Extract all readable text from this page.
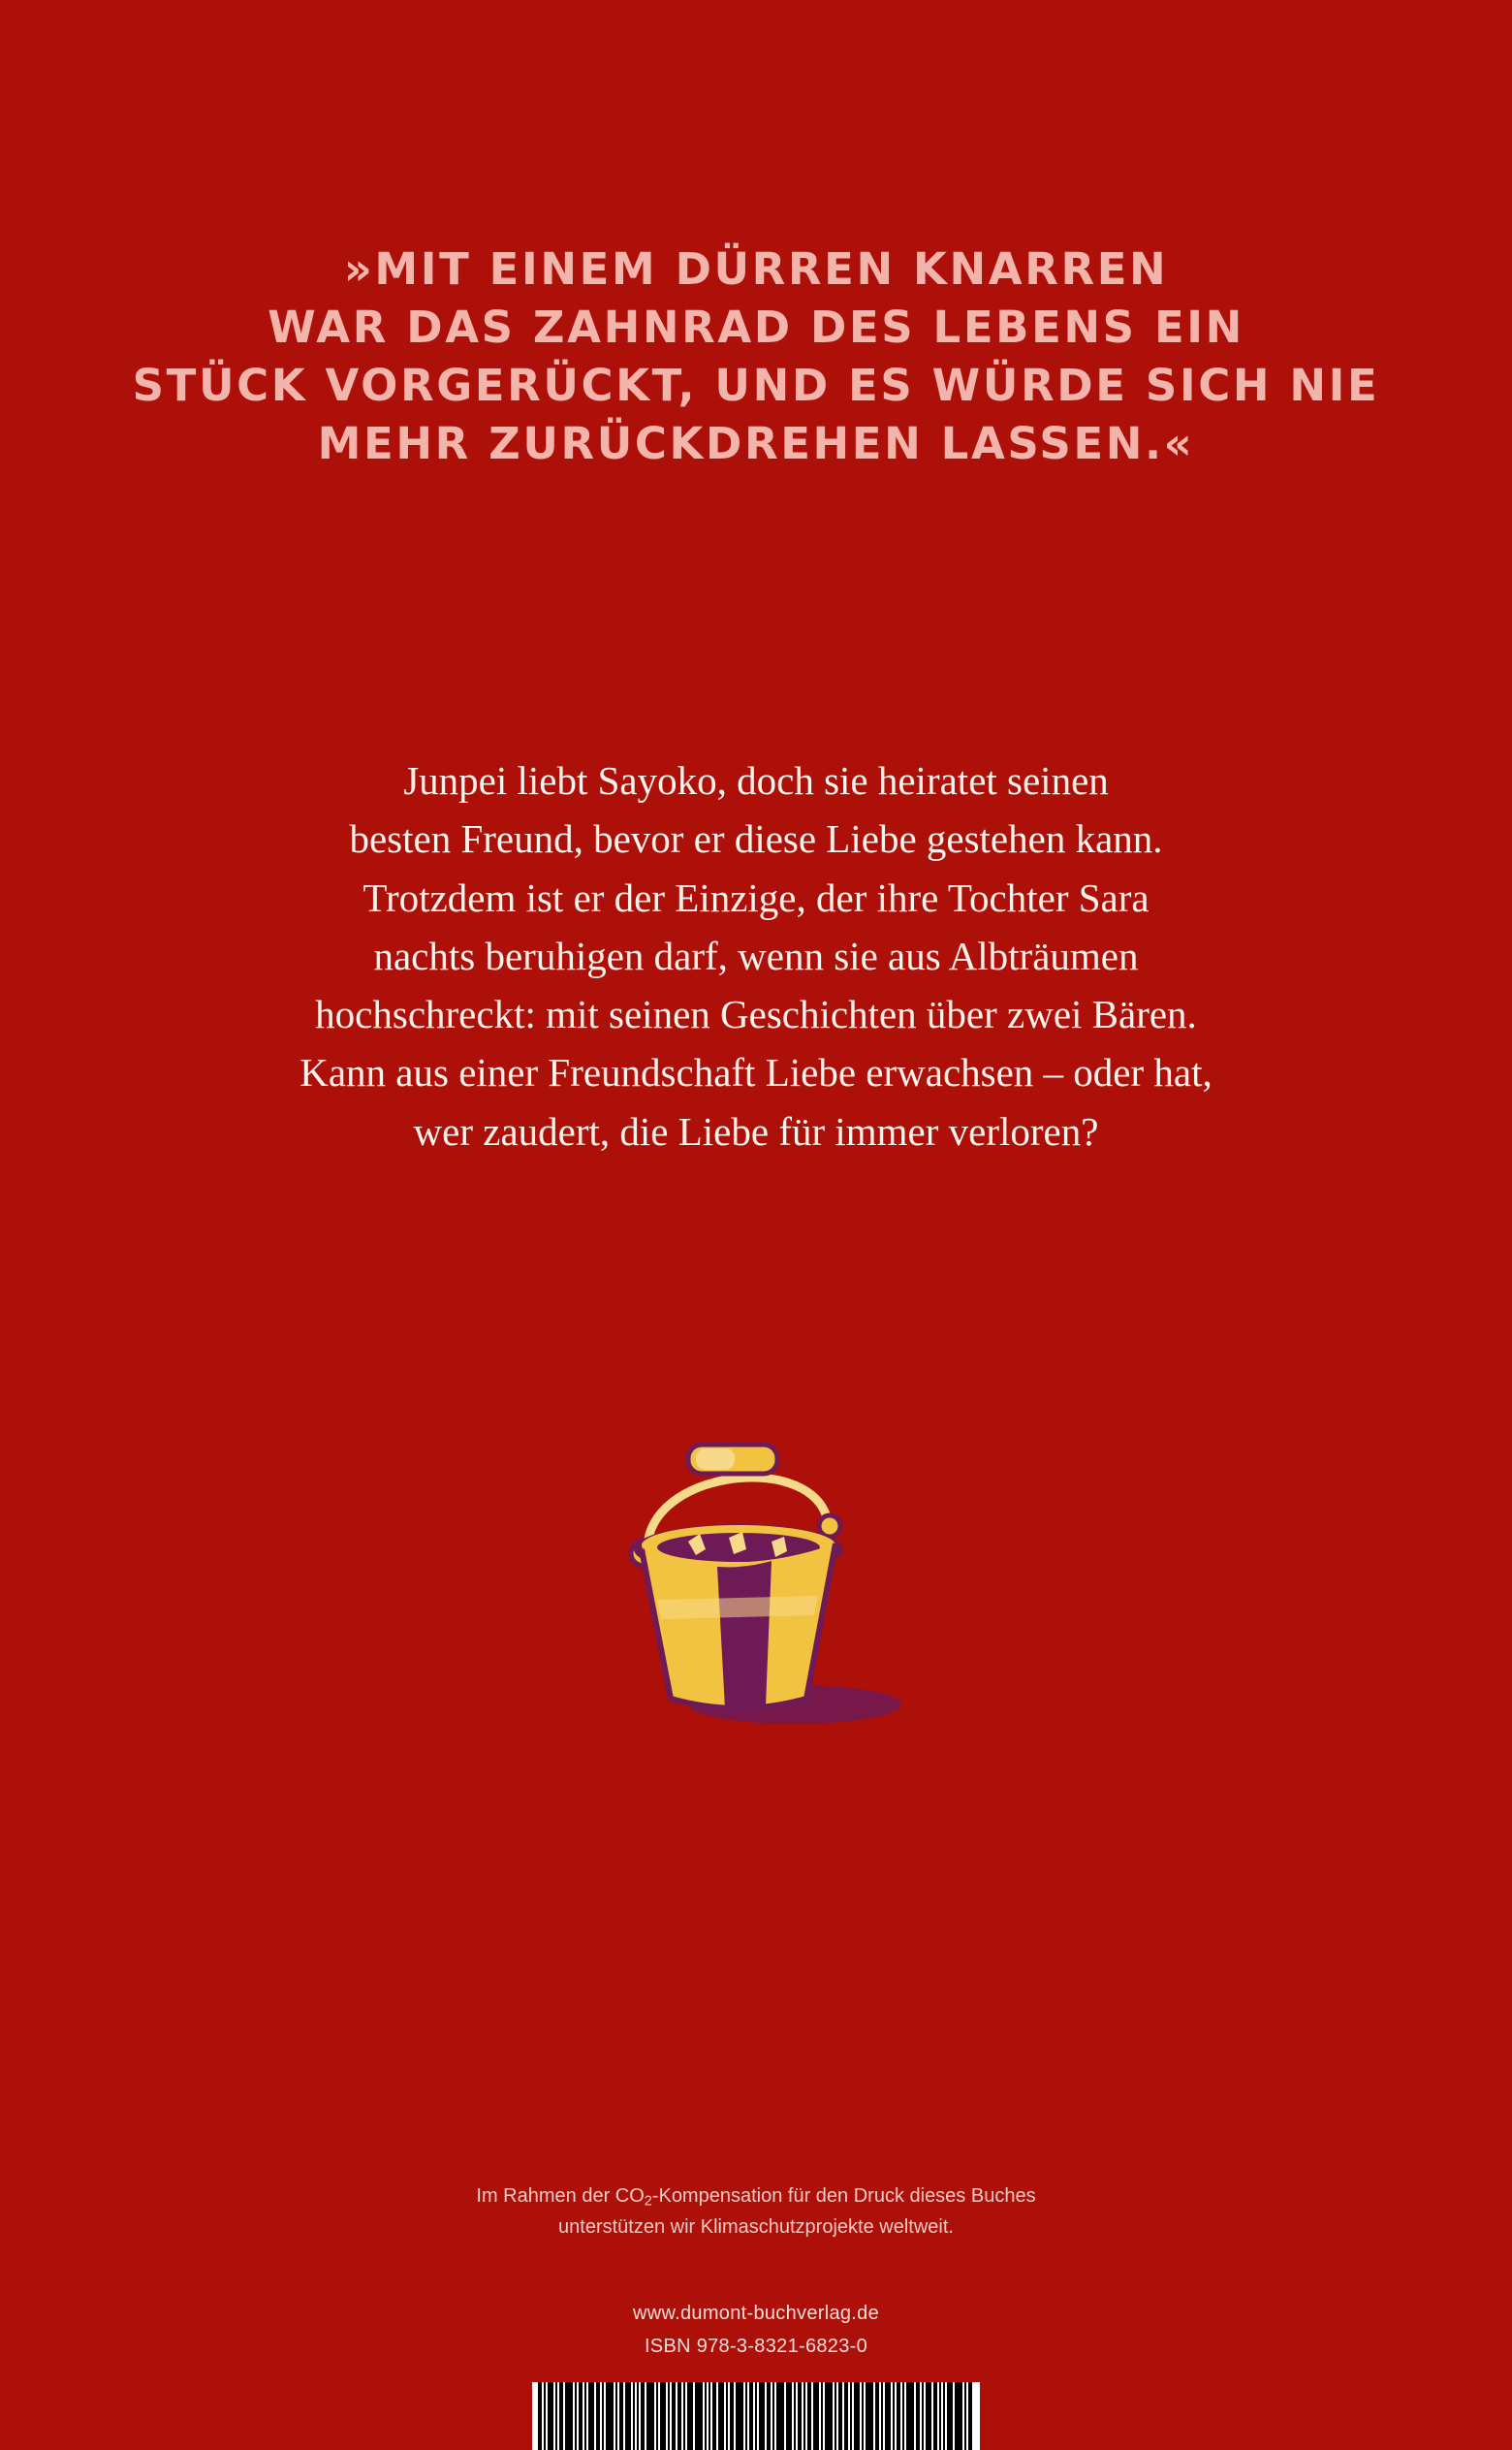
»MIT EINEM DÜRREN KNARREN
WAR DAS ZAHNRAD DES LEBENS EIN
STÜCK VORGERÜCKT, UND ES WÜRDE SICH NIE
MEHR ZURÜCKDREHEN LASSEN.«
Junpei liebt Sayoko, doch sie heiratet seinen
besten Freund, bevor er diese Liebe gestehen kann.
Trotzdem ist er der Einzige, der ihre Tochter Sara
nachts beruhigen darf, wenn sie aus Albträumen
hochschreckt: mit seinen Geschichten über zwei Bären.
Kann aus einer Freundschaft Liebe erwachsen – oder hat,
wer zaudert, die Liebe für immer verloren?
Im Rahmen der $CO_2$-Kompensation für den Druck dieses Buches
unterstützen wir Klimaschutzprojekte weltweit.
www.dumont-buchverlag.de
ISBN 978-3-8321-6823-0
